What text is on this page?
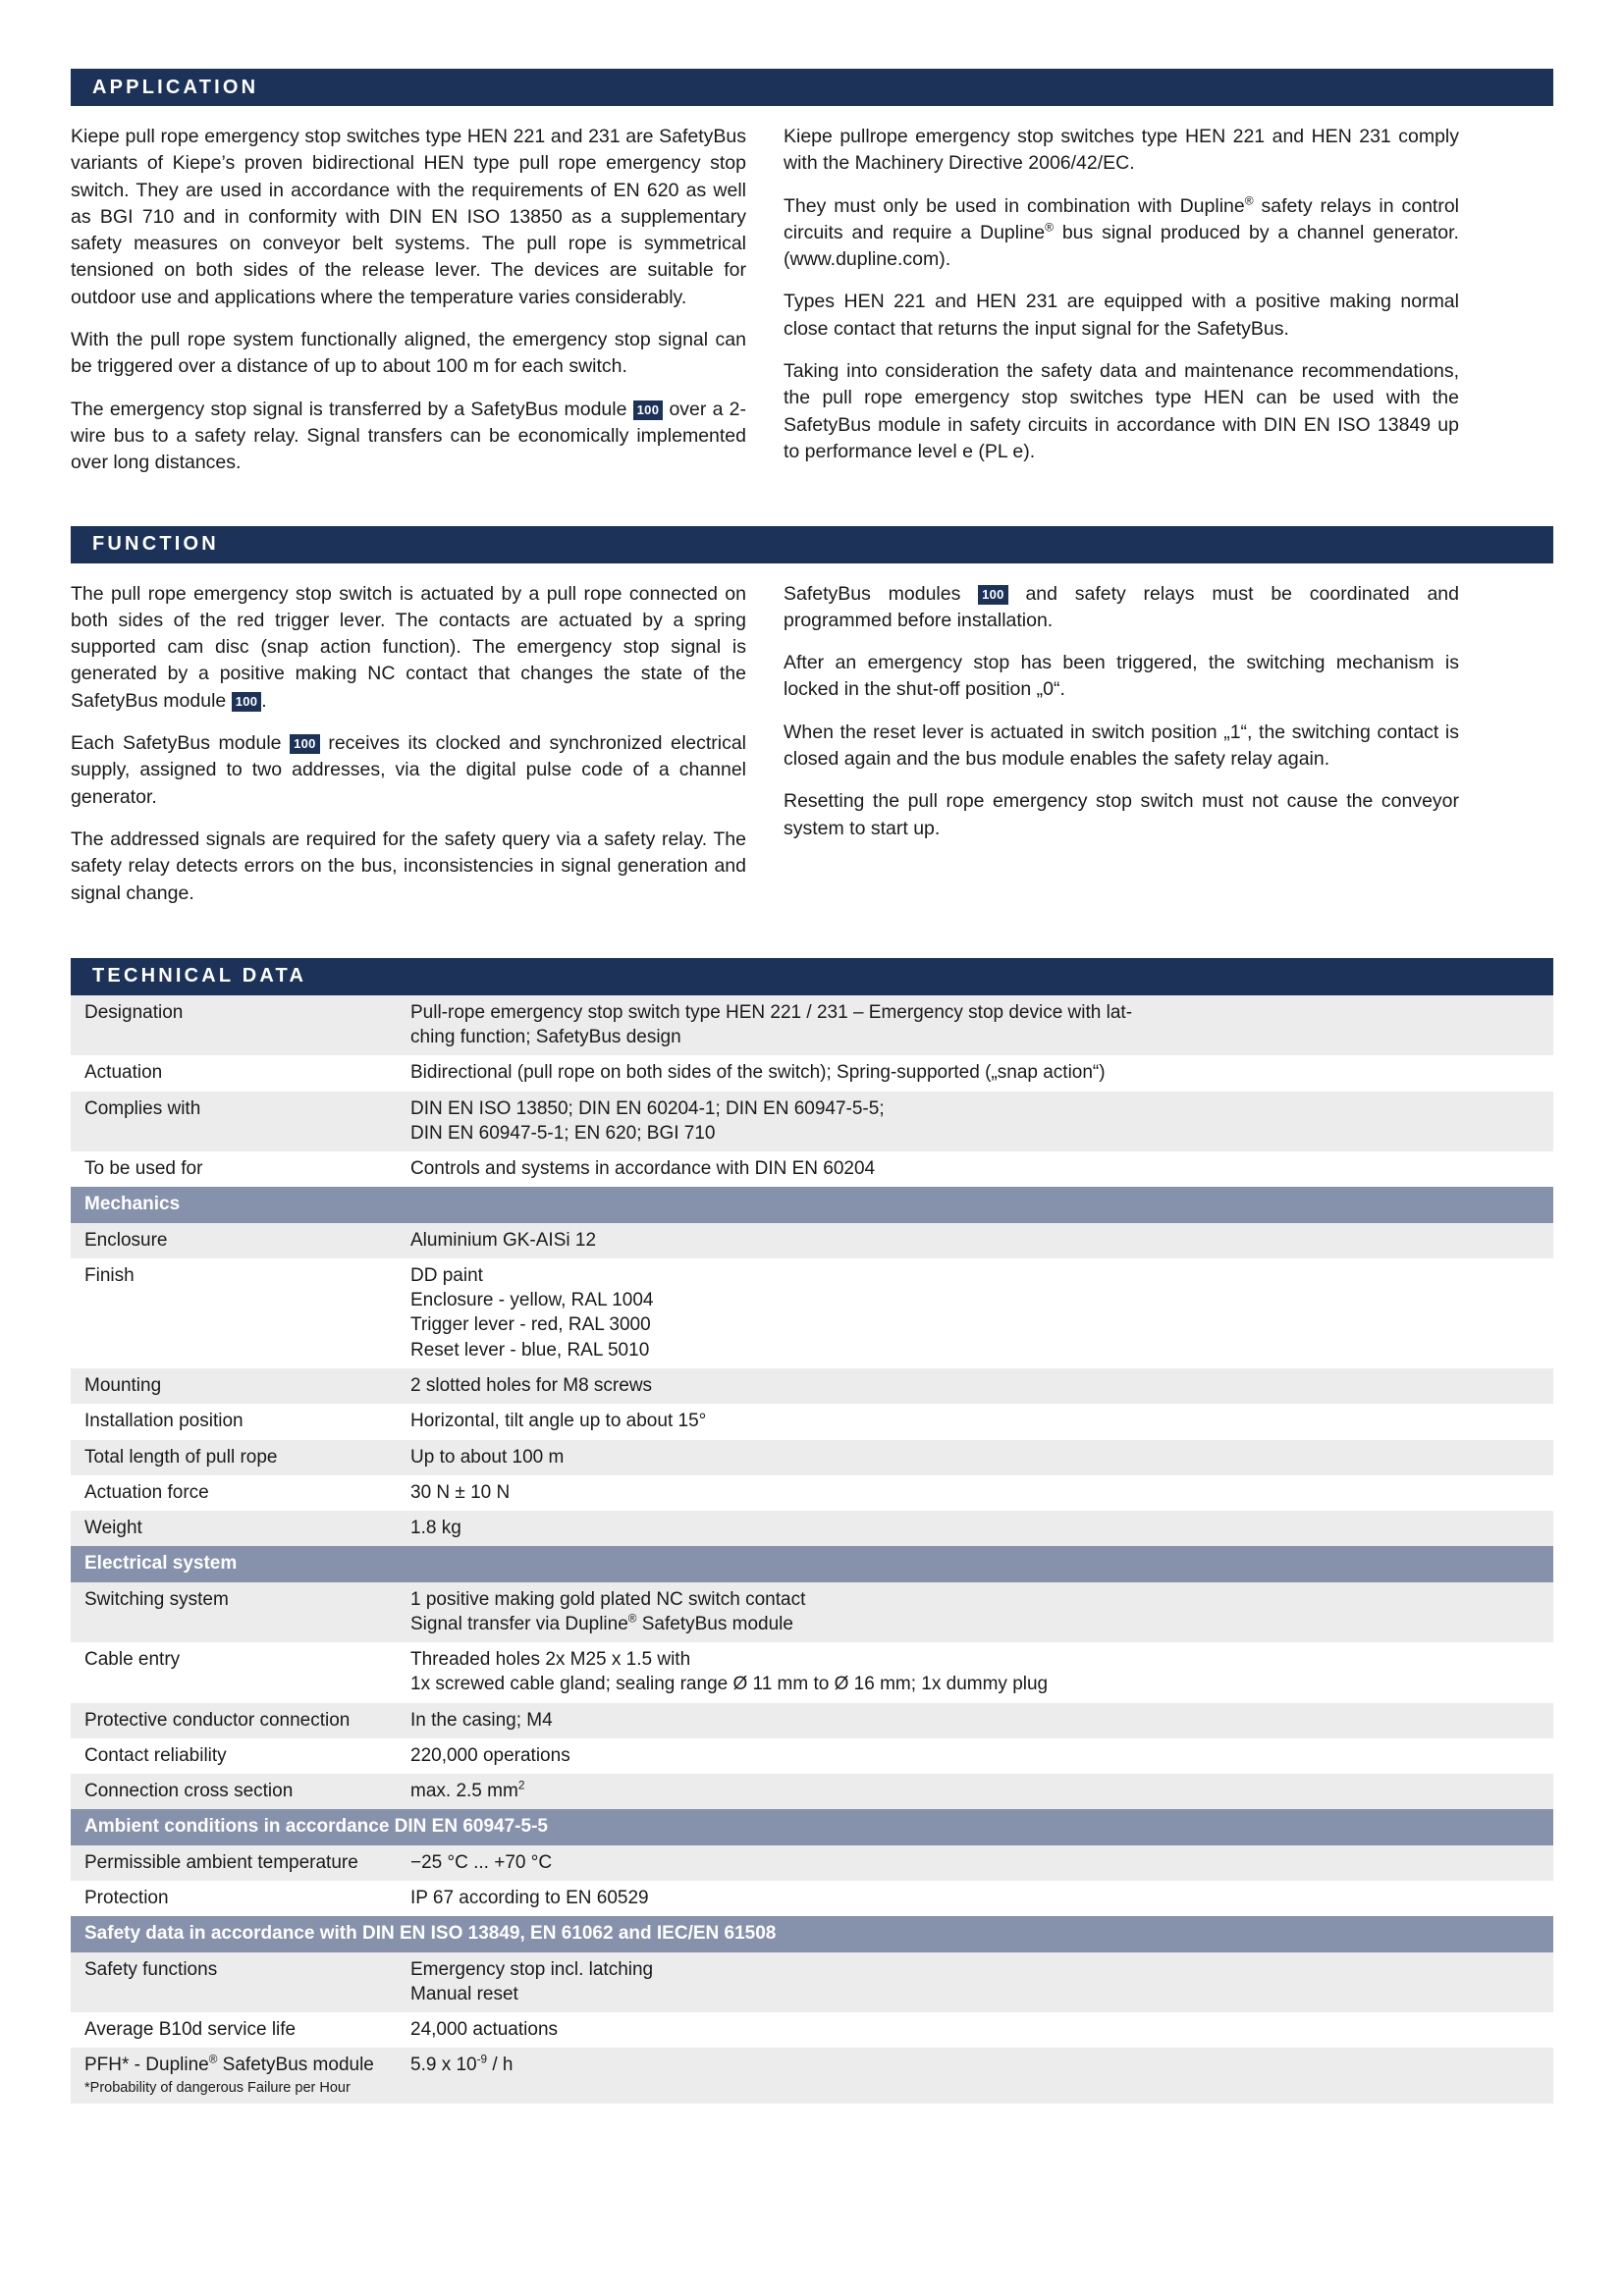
APPLICATION

Kiepe pull rope emergency stop switches type HEN 221 and 231 are SafetyBus variants of Kiepe’s proven bidirectional HEN type pull rope emergency stop switch. They are used in accordance with the requirements of EN 620 as well as BGI 710 and in conformity with DIN EN ISO 13850 as a supplementary safety measures on conveyor belt systems. The pull rope is symmetrical tensioned on both sides of the release lever. The devices are suitable for outdoor use and applications where the temperature varies considerably.

With the pull rope system functionally aligned, the emergency stop signal can be triggered over a distance of up to about 100 m for each switch.

The emergency stop signal is transferred by a SafetyBus module 100 over a 2-wire bus to a safety relay. Signal transfers can be economically implemented over long distances.

Kiepe pullrope emergency stop switches type HEN 221 and HEN 231 comply with the Machinery Directive 2006/42/EC.

They must only be used in combination with Dupline® safety relays in control circuits and require a Dupline® bus signal produced by a channel generator. (www.dupline.com).

Types HEN 221 and HEN 231 are equipped with a positive making normal close contact that returns the input signal for the SafetyBus.

Taking into consideration the safety data and maintenance recommendations, the pull rope emergency stop switches type HEN can be used with the SafetyBus module in safety circuits in accordance with DIN EN ISO 13849 up to performance level e (PL e).

FUNCTION

The pull rope emergency stop switch is actuated by a pull rope connected on both sides of the red trigger lever. The contacts are actuated by a spring supported cam disc (snap action function). The emergency stop signal is generated by a positive making NC contact that changes the state of the SafetyBus module 100 .

Each SafetyBus module 100 receives its clocked and synchronized electrical supply, assigned to two addresses, via the digital pulse code of a channel generator.

The addressed signals are required for the safety query via a safety relay. The safety relay detects errors on the bus, inconsistencies in signal generation and signal change.

SafetyBus modules 100 and safety relays must be coordinated and programmed before installation.

After an emergency stop has been triggered, the switching mechanism is locked in the shut-off position „0“.

When the reset lever is actuated in switch position „1“, the switching contact is closed again and the bus module enables the safety relay again.

Resetting the pull rope emergency stop switch must not cause the conveyor system to start up.

TECHNICAL DATA
Designation	Pull-rope emergency stop switch type HEN 221 / 231 – Emergency stop device with lat-
ching function; SafetyBus design

Actuation	Bidirectional (pull rope on both sides of the switch); Spring-supported („snap action“)

Complies with	DIN EN ISO 13850; DIN EN 60204-1; DIN EN 60947-5-5;
DIN EN 60947-5-1; EN 620; BGI 710

To be used for	Controls and systems in accordance with DIN EN 60204

Mechanics	
Enclosure	Aluminium GK-AISi 12

Finish	DD paint
Enclosure - yellow, RAL 1004
Trigger lever - red, RAL 3000
Reset lever - blue, RAL 5010

Mounting	2 slotted holes for M8 screws

Installation position	Horizontal, tilt angle up to about 15°

Total length of pull rope	Up to about 100 m

Actuation force	30 N ± 10 N

Weight	1.8 kg

Electrical system	
Switching system	1 positive making gold plated NC switch contact
Signal transfer via Dupline® SafetyBus module

Cable entry	Threaded holes 2x M25 x 1.5 with
1x screwed cable gland; sealing range Ø 11 mm to Ø 16 mm; 1x dummy plug

Protective conductor connection	In the casing; M4

Contact reliability	220,000 operations

Connection cross section	max. 2.5 $mm^2$

Ambient conditions in accordance DIN EN 60947-5-5	
Permissible ambient temperature	−25 °C ... +70 °C

Protection	IP 67 according to EN 60529

Safety data in accordance with DIN EN ISO 13849, EN 61062 and IEC/EN 61508	
Safety functions	Emergency stop incl. latching
Manual reset

Average B10d service life	24,000 actuations

PFH* - Dupline® SafetyBus module
*Probability of dangerous Failure per Hour	5.9 x $10^{-9}$ / h
